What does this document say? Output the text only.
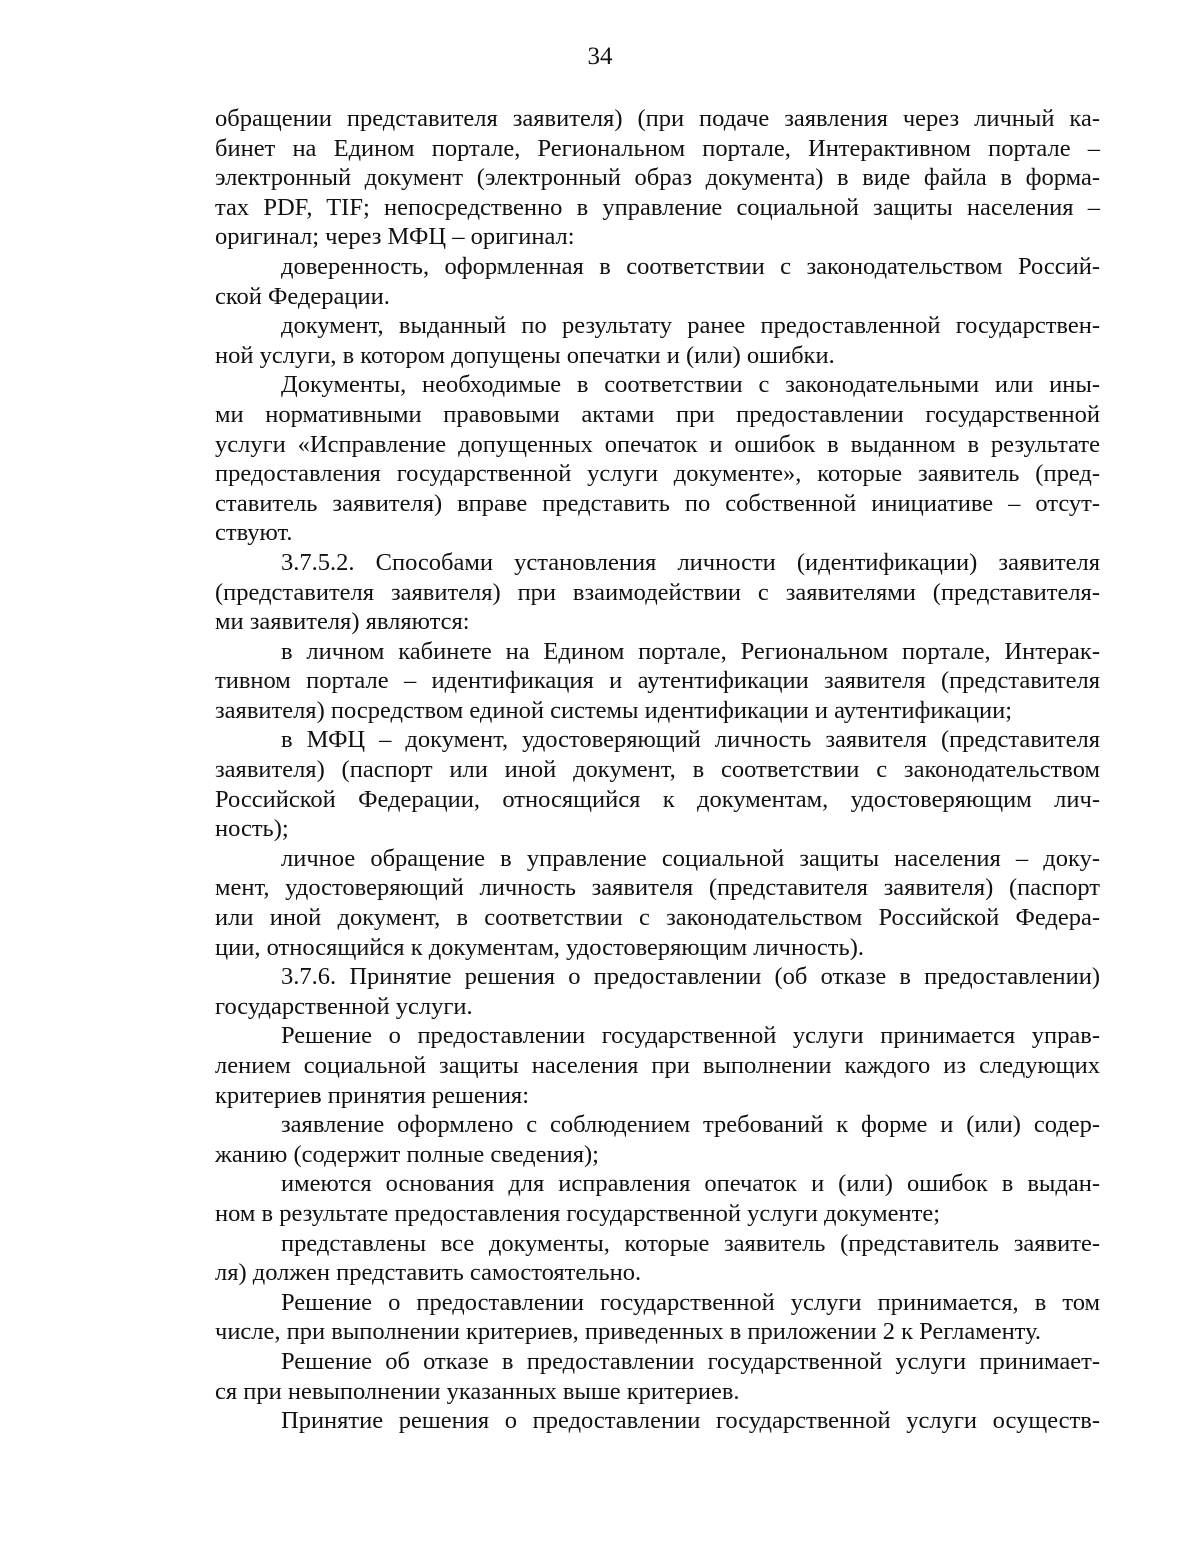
34
обращении представителя заявителя) (при подаче заявления через личный ка-
бинет на Едином портале, Региональном портале, Интерактивном портале –
электронный документ (электронный образ документа) в виде файла в форма-
тах PDF, TIF; непосредственно в управление социальной защиты населения –
оригинал; через МФЦ – оригинал:
доверенность, оформленная в соответствии с законодательством Россий-
ской Федерации.
документ, выданный по результату ранее предоставленной государствен-
ной услуги, в котором допущены опечатки и (или) ошибки.
Документы, необходимые в соответствии с законодательными или ины-
ми нормативными правовыми актами при предоставлении государственной
услуги «Исправление допущенных опечаток и ошибок в выданном в результате
предоставления государственной услуги документе», которые заявитель (пред-
ставитель заявителя) вправе представить по собственной инициативе – отсут-
ствуют.
3.7.5.2. Способами установления личности (идентификации) заявителя
(представителя заявителя) при взаимодействии с заявителями (представителя-
ми заявителя) являются:
в личном кабинете на Едином портале, Региональном портале, Интерак-
тивном портале – идентификация и аутентификации заявителя (представителя
заявителя) посредством единой системы идентификации и аутентификации;
в МФЦ – документ, удостоверяющий личность заявителя (представителя
заявителя) (паспорт или иной документ, в соответствии с законодательством
Российской Федерации, относящийся к документам, удостоверяющим лич-
ность);
личное обращение в управление социальной защиты населения – доку-
мент, удостоверяющий личность заявителя (представителя заявителя) (паспорт
или иной документ, в соответствии с законодательством Российской Федера-
ции, относящийся к документам, удостоверяющим личность).
3.7.6. Принятие решения о предоставлении (об отказе в предоставлении)
государственной услуги.
Решение о предоставлении государственной услуги принимается управ-
лением социальной защиты населения при выполнении каждого из следующих
критериев принятия решения:
заявление оформлено с соблюдением требований к форме и (или) содер-
жанию (содержит полные сведения);
имеются основания для исправления опечаток и (или) ошибок в выдан-
ном в результате предоставления государственной услуги документе;
представлены все документы, которые заявитель (представитель заявите-
ля) должен представить самостоятельно.
Решение о предоставлении государственной услуги принимается, в том
числе, при выполнении критериев, приведенных в приложении 2 к Регламенту.
Решение об отказе в предоставлении государственной услуги принимает-
ся при невыполнении указанных выше критериев.
Принятие решения о предоставлении государственной услуги осуществ-
